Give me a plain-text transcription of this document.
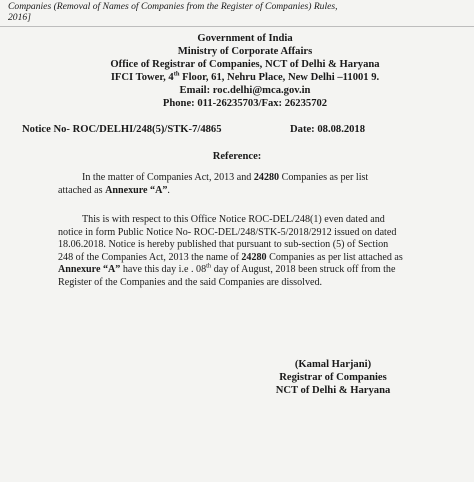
Companies (Removal of Names of Companies from the Register of Companies) Rules,
2016]
Government of India
Ministry of Corporate Affairs
Office of Registrar of Companies, NCT of Delhi & Haryana
IFCI Tower, 4th Floor, 61, Nehru Place, New Delhi –11001 9.
Email: roc.delhi@mca.gov.in
Phone: 011-26235703/Fax: 26235702
Notice No- ROC/DELHI/248(5)/STK-7/4865	Date: 08.08.2018
Reference:
In the matter of Companies Act, 2013 and 24280 Companies as per list attached as Annexure “A”.
This is with respect to this Office Notice ROC-DEL/248(1) even dated and notice in form Public Notice No- ROC-DEL/248/STK-5/2018/2912 issued on dated 18.06.2018. Notice is hereby published that pursuant to sub-section (5) of Section 248 of the Companies Act, 2013 the name of 24280 Companies as per list attached as Annexure “A” have this day i.e . 08th day of August, 2018 been struck off from the Register of the Companies and the said Companies are dissolved.
(Kamal Harjani)
Registrar of Companies
NCT of Delhi & Haryana
